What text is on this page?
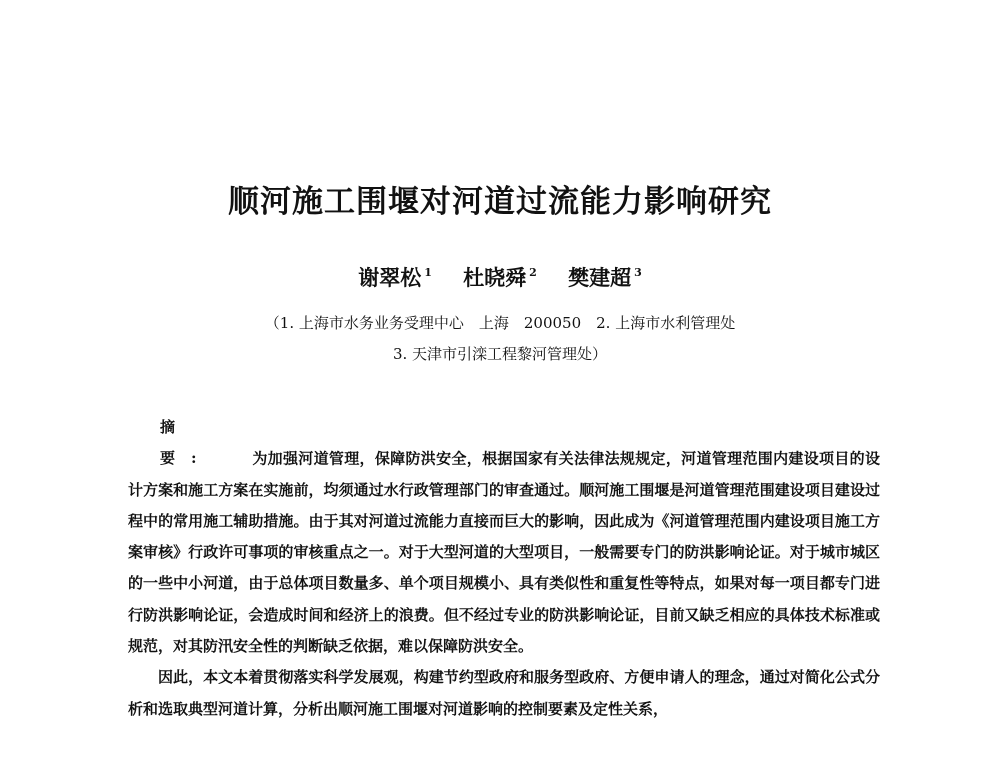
顺河施工围堰对河道过流能力影响研究
谢翠松 $^1$ 杜晓舜 $^2$ 樊建超 $^3$
（1. 上海市水务业务受理中心　上海　200050　2. 上海市水利管理处
3. 天津市引滦工程黎河管理处）

摘 要:	为加强河道管理，保障防洪安全，根据国家有关法律法规规定，河道管理范围内建设项目的设计方案和施工方案在实施前，均须通过水行政管理部门的审查通过。顺河施工围堰是河道管理范围建设项目建设过程中的常用施工辅助措施。由于其对河道过流能力直接而巨大的影响，因此成为《河道管理范围内建设项目施工方案审核》行政许可事项的审核重点之一。对于大型河道的大型项目，一般需要专门的防洪影响论证。对于城市城区的一些中小河道，由于总体项目数量多、单个项目规模小、具有类似性和重复性等特点，如果对每一项目都专门进行防洪影响论证，会造成时间和经济上的浪费。但不经过专业的防洪影响论证，目前又缺乏相应的具体技术标准或规范，对其防汛安全性的判断缺乏依据，难以保障防洪安全。

因此，本文本着贯彻落实科学发展观，构建节约型政府和服务型政府、方便申请人的理念，通过对简化公式分析和选取典型河道计算，分析出顺河施工围堰对河道影响的控制要素及定性关系，
